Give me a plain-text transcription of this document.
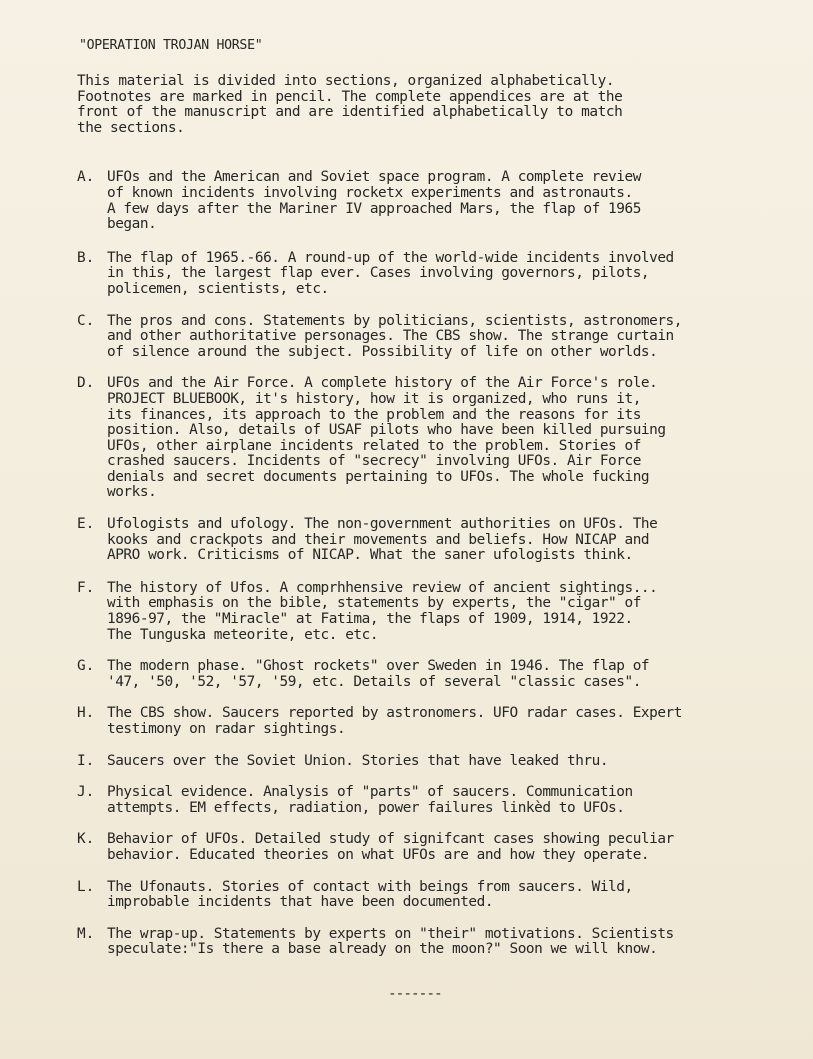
"OPERATION TROJAN HORSE"
This material is divided into sections, organized alphabetically.
Footnotes are marked in pencil. The complete appendices are at the
front of the manuscript and are identified alphabetically to match
the sections.
A. UFOs and the American and Soviet space program. A complete review
of known incidents involving rocketx experiments and astronauts.
A few days after the Mariner IV approached Mars, the flap of 1965
began.
B. The flap of 1965.-66. A round-up of the world-wide incidents involved
in this, the largest flap ever. Cases involving governors, pilots,
policemen, scientists, etc.
C. The pros and cons. Statements by politicians, scientists, astronomers,
and other authoritative personages. The CBS show. The strange curtain
of silence around the subject. Possibility of life on other worlds.
D. UFOs and the Air Force. A complete history of the Air Force's role.
PROJECT BLUEBOOK, it's history, how it is organized, who runs it,
its finances, its approach to the problem and the reasons for its
position. Also, details of USAF pilots who have been killed pursuing
UFOs, other airplane incidents related to the problem. Stories of
crashed saucers. Incidents of "secrecy" involving UFOs. Air Force
denials and secret documents pertaining to UFOs. The whole fucking
works.
E. Ufologists and ufology. The non-government authorities on UFOs. The
kooks and crackpots and their movements and beliefs. How NICAP and
APRO work. Criticisms of NICAP. What the saner ufologists think.
F. The history of Ufos. A comprhhensive review of ancient sightings...
with emphasis on the bible, statements by experts, the "cigar" of
1896-97, the "Miracle" at Fatima, the flaps of 1909, 1914, 1922.
The Tunguska meteorite, etc. etc.
G. The modern phase. "Ghost rockets" over Sweden in 1946. The flap of
'47, '50, '52, '57, '59, etc. Details of several "classic cases".
H. The CBS show. Saucers reported by astronomers. UFO radar cases. Expert
testimony on radar sightings.
I. Saucers over the Soviet Union. Stories that have leaked thru.
J. Physical evidence. Analysis of "parts" of saucers. Communication
attempts. EM effects, radiation, power failures linkèd to UFOs.
K. Behavior of UFOs. Detailed study of signifcant cases showing peculiar
behavior. Educated theories on what UFOs are and how they operate.
L. The Ufonauts. Stories of contact with beings from saucers. Wild,
improbable incidents that have been documented.
M. The wrap-up. Statements by experts on "their" motivations. Scientists
speculate:"Is there a base already on the moon?" Soon we will know.
-------
